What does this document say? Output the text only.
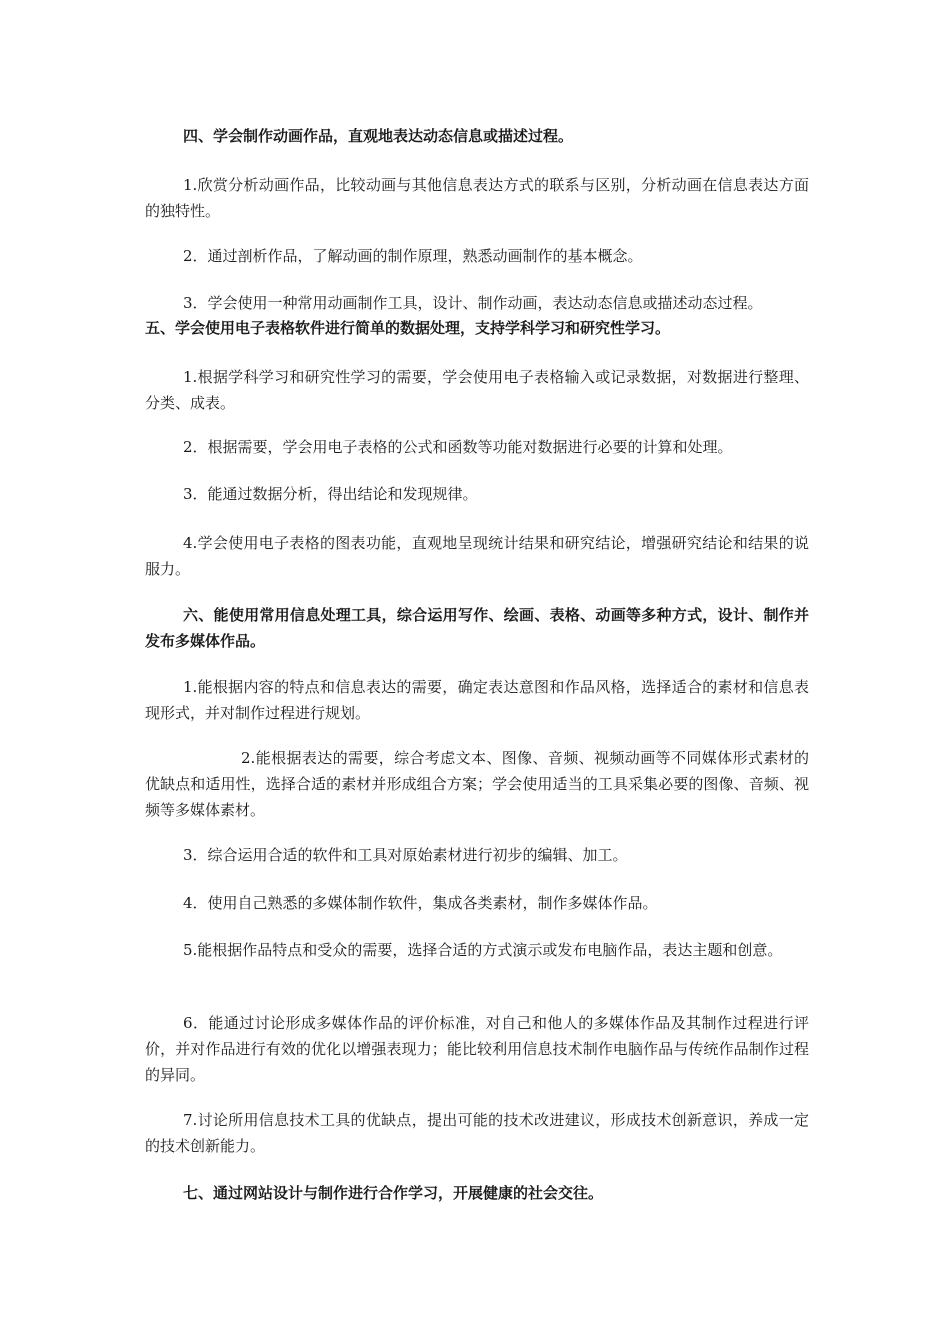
四、学会制作动画作品，直观地表达动态信息或描述过程。

1.欣赏分析动画作品，比较动画与其他信息表达方式的联系与区别，分析动画在信息表达方面的独特性。

2．通过剖析作品，了解动画的制作原理，熟悉动画制作的基本概念。

3．学会使用一种常用动画制作工具，设计、制作动画，表达动态信息或描述动态过程。

五、学会使用电子表格软件进行简单的数据处理，支持学科学习和研究性学习。

1.根据学科学习和研究性学习的需要，学会使用电子表格输入或记录数据，对数据进行整理、分类、成表。

2．根据需要，学会用电子表格的公式和函数等功能对数据进行必要的计算和处理。

3．能通过数据分析，得出结论和发现规律。

4.学会使用电子表格的图表功能，直观地呈现统计结果和研究结论，增强研究结论和结果的说服力。

六、能使用常用信息处理工具，综合运用写作、绘画、表格、动画等多种方式，设计、制作并发布多媒体作品。

1.能根据内容的特点和信息表达的需要，确定表达意图和作品风格，选择适合的素材和信息表现形式，并对制作过程进行规划。

2.能根据表达的需要，综合考虑文本、图像、音频、视频动画等不同媒体形式素材的优缺点和适用性，选择合适的素材并形成组合方案；学会使用适当的工具采集必要的图像、音频、视频等多媒体素材。

3．综合运用合适的软件和工具对原始素材进行初步的编辑、加工。

4．使用自己熟悉的多媒体制作软件，集成各类素材，制作多媒体作品。

5.能根据作品特点和受众的需要，选择合适的方式演示或发布电脑作品，表达主题和创意。

6．能通过讨论形成多媒体作品的评价标准，对自己和他人的多媒体作品及其制作过程进行评价，并对作品进行有效的优化以增强表现力；能比较利用信息技术制作电脑作品与传统作品制作过程的异同。

7.讨论所用信息技术工具的优缺点，提出可能的技术改进建议，形成技术创新意识，养成一定的技术创新能力。

七、通过网站设计与制作进行合作学习，开展健康的社会交往。
